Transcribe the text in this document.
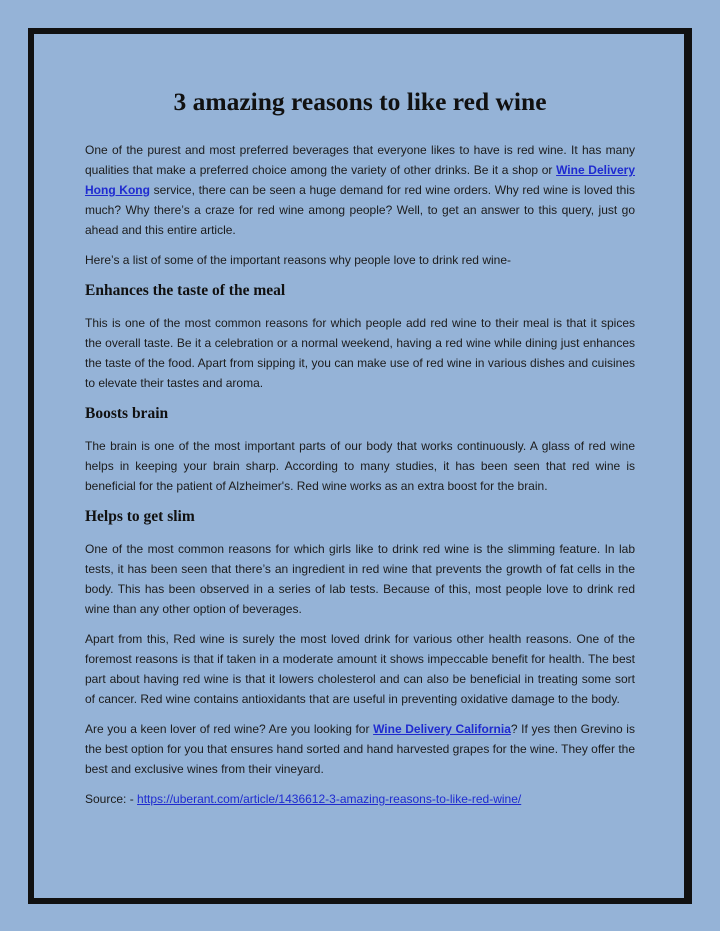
3 amazing reasons to like red wine

One of the purest and most preferred beverages that everyone likes to have is red wine. It has many qualities that make a preferred choice among the variety of other drinks. Be it a shop or Wine Delivery Hong Kong service, there can be seen a huge demand for red wine orders. Why red wine is loved this much? Why there’s a craze for red wine among people? Well, to get an answer to this query, just go ahead and this entire article.

Here’s a list of some of the important reasons why people love to drink red wine-

Enhances the taste of the meal

This is one of the most common reasons for which people add red wine to their meal is that it spices the overall taste. Be it a celebration or a normal weekend, having a red wine while dining just enhances the taste of the food. Apart from sipping it, you can make use of red wine in various dishes and cuisines to elevate their tastes and aroma.

Boosts brain

The brain is one of the most important parts of our body that works continuously. A glass of red wine helps in keeping your brain sharp. According to many studies, it has been seen that red wine is beneficial for the patient of Alzheimer's. Red wine works as an extra boost for the brain.

Helps to get slim

One of the most common reasons for which girls like to drink red wine is the slimming feature. In lab tests, it has been seen that there’s an ingredient in red wine that prevents the growth of fat cells in the body. This has been observed in a series of lab tests. Because of this, most people love to drink red wine than any other option of beverages.

Apart from this, Red wine is surely the most loved drink for various other health reasons. One of the foremost reasons is that if taken in a moderate amount it shows impeccable benefit for health. The best part about having red wine is that it lowers cholesterol and can also be beneficial in treating some sort of cancer. Red wine contains antioxidants that are useful in preventing oxidative damage to the body.

Are you a keen lover of red wine? Are you looking for Wine Delivery California? If yes then Grevino is the best option for you that ensures hand sorted and hand harvested grapes for the wine. They offer the best and exclusive wines from their vineyard.

Source: - https://uberant.com/article/1436612-3-amazing-reasons-to-like-red-wine/
